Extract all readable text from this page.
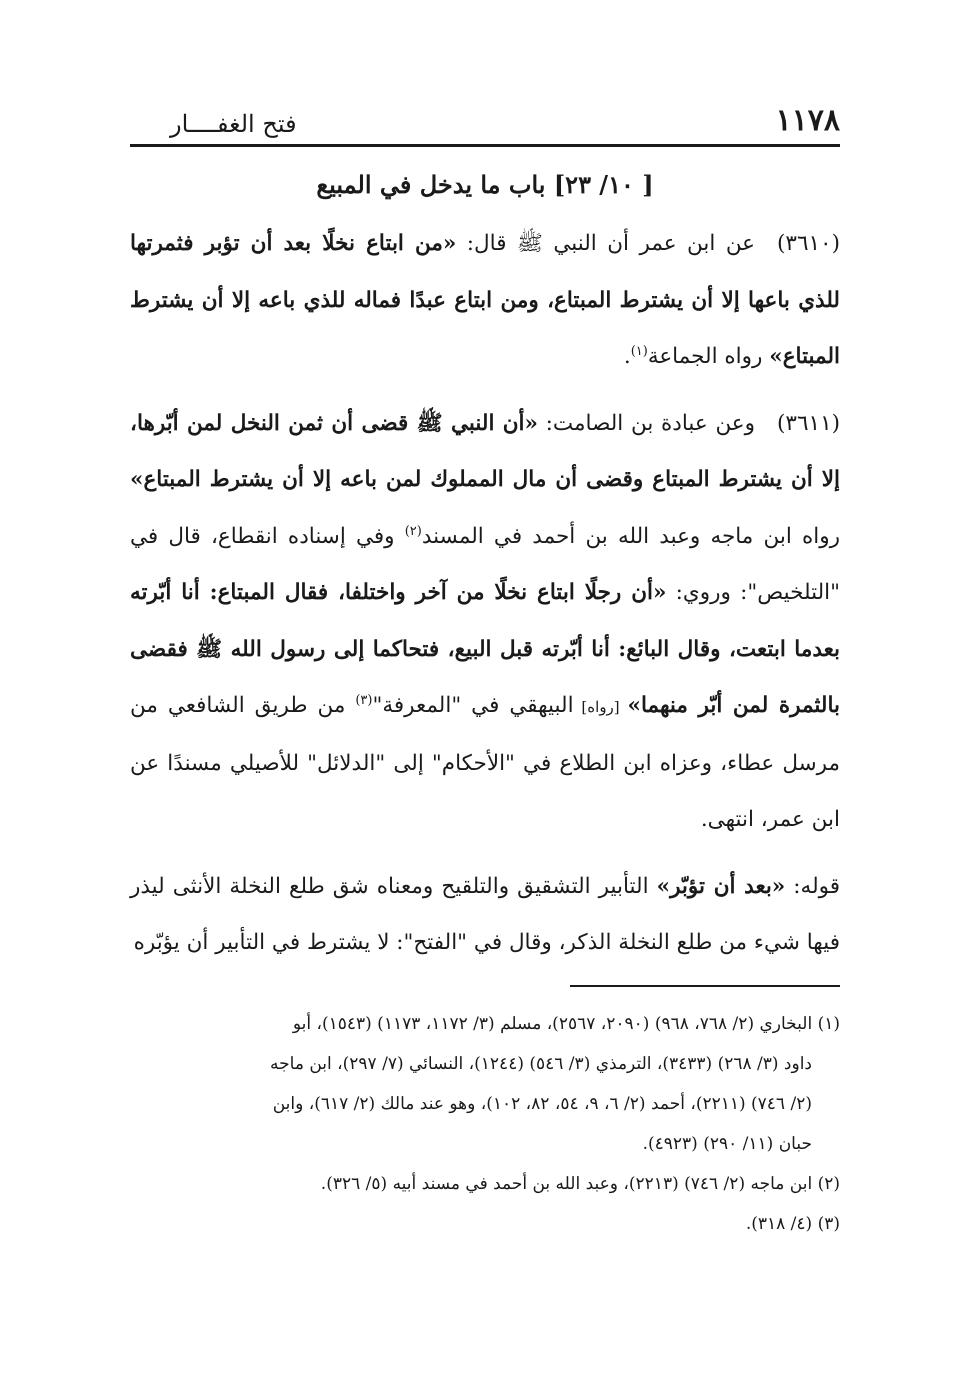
١١٧٨
فتح الغفــــار
[ ١٠/ ٢٣] باب ما يدخل في المبيع

(٣٦١٠)عن ابن عمر أن النبي ﷺ قال: «من ابتاع نخلًا بعد أن تؤبر فثمرتها للذي باعها إلا أن يشترط المبتاع، ومن ابتاع عبدًا فماله للذي باعه إلا أن يشترط المبتاع» رواه الجماعة$^{(١)}$.

(٣٦١١)وعن عبادة بن الصامت: «أن النبي ﷺ قضى أن ثمن النخل لمن أبّرها، إلا أن يشترط المبتاع وقضى أن مال المملوك لمن باعه إلا أن يشترط المبتاع» رواه ابن ماجه وعبد الله بن أحمد في المسند$^{(٢)}$ وفي إسناده انقطاع، قال في "التلخيص": وروي: «أن رجلًا ابتاع نخلًا من آخر واختلفا، فقال المبتاع: أنا أبّرته بعدما ابتعت، وقال البائع: أنا أبّرته قبل البيع، فتحاكما إلى رسول الله ﷺ فقضى بالثمرة لمن أبّر منهما» [رواه] البيهقي في "المعرفة"$^{(٣)}$ من طريق الشافعي من مرسل عطاء، وعزاه ابن الطلاع في "الأحكام" إلى "الدلائل" للأصيلي مسندًا عن ابن عمر، انتهى.

قوله: «بعد أن تؤبّر» التأبير التشقيق والتلقيح ومعناه شق طلع النخلة الأنثى ليذر فيها شيء من طلع النخلة الذكر، وقال في "الفتح": لا يشترط في التأبير أن يؤبّره

(١) البخاري (٢/ ٧٦٨، ٩٦٨) (٢٠٩٠، ٢٥٦٧)، مسلم (٣/ ١١٧٢، ١١٧٣) (١٥٤٣)، أبو

داود (٣/ ٢٦٨) (٣٤٣٣)، الترمذي (٣/ ٥٤٦) (١٢٤٤)، النسائي (٧/ ٢٩٧)، ابن ماجه

(٢/ ٧٤٦) (٢٢١١)، أحمد (٢/ ٦، ٩، ٥٤، ٨٢، ١٠٢)، وهو عند مالك (٢/ ٦١٧)، وابن

حبان (١١/ ٢٩٠) (٤٩٢٣).

(٢) ابن ماجه (٢/ ٧٤٦) (٢٢١٣)، وعبد الله بن أحمد في مسند أبيه (٥/ ٣٢٦).

(٣) (٤/ ٣١٨).
